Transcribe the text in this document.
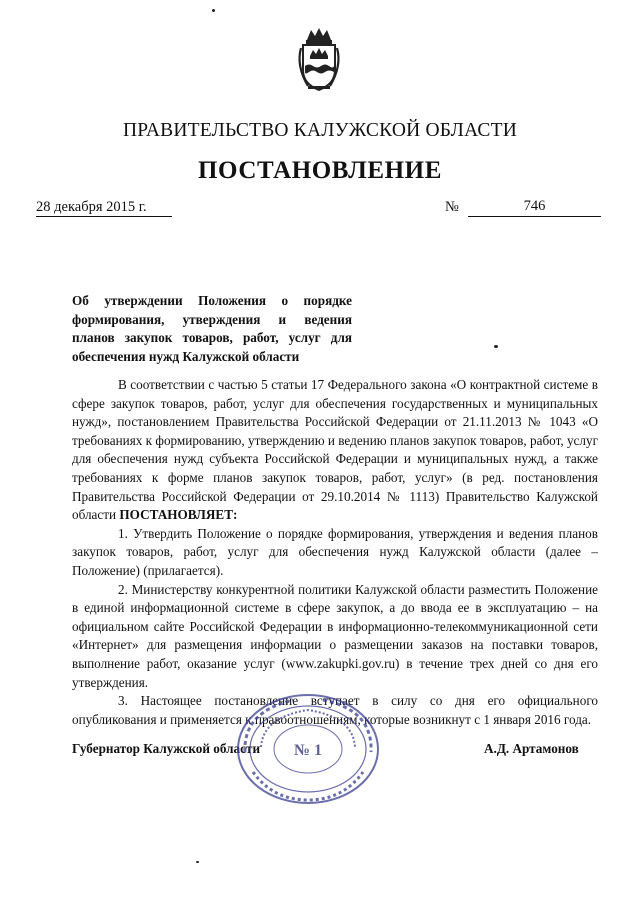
ПРАВИТЕЛЬСТВО КАЛУЖСКОЙ ОБЛАСТИ
ПОСТАНОВЛЕНИЕ
28 декабря 2015 г.	№	746
Об утверждении Положения о порядке формирования, утверждения и ведения планов закупок товаров, работ, услуг для обеспечения нужд Калужской области

В соответствии с частью 5 статьи 17 Федерального закона «О контрактной системе в сфере закупок товаров, работ, услуг для обеспечения государственных и муниципальных нужд», постановлением Правительства Российской Федерации от 21.11.2013 № 1043 «О требованиях к формированию, утверждению и ведению планов закупок товаров, работ, услуг для обеспечения нужд субъекта Российской Федерации и муниципальных нужд, а также требованиях к форме планов закупок товаров, работ, услуг» (в ред. постановления Правительства Российской Федерации от 29.10.2014 № 1113) Правительство Калужской области ПОСТАНОВЛЯЕТ:

1. Утвердить Положение о порядке формирования, утверждения и ведения планов закупок товаров, работ, услуг для обеспечения нужд Калужской области (далее – Положение) (прилагается).

2. Министерству конкурентной политики Калужской области разместить Положение в единой информационной системе в сфере закупок, а до ввода ее в эксплуатацию – на официальном сайте Российской Федерации в информационно-телекоммуникационной сети «Интернет» для размещения информации о размещении заказов на поставки товаров, выполнение работ, оказание услуг (www.zakupki.gov.ru) в течение трех дней со дня его утверждения.

3. Настоящее постановление вступает в силу со дня его официального опубликования и применяется к правоотношениям, которые возникнут с 1 января 2016 года.

Губернатор Калужской области	А.Д. Артамонов
№ 1
